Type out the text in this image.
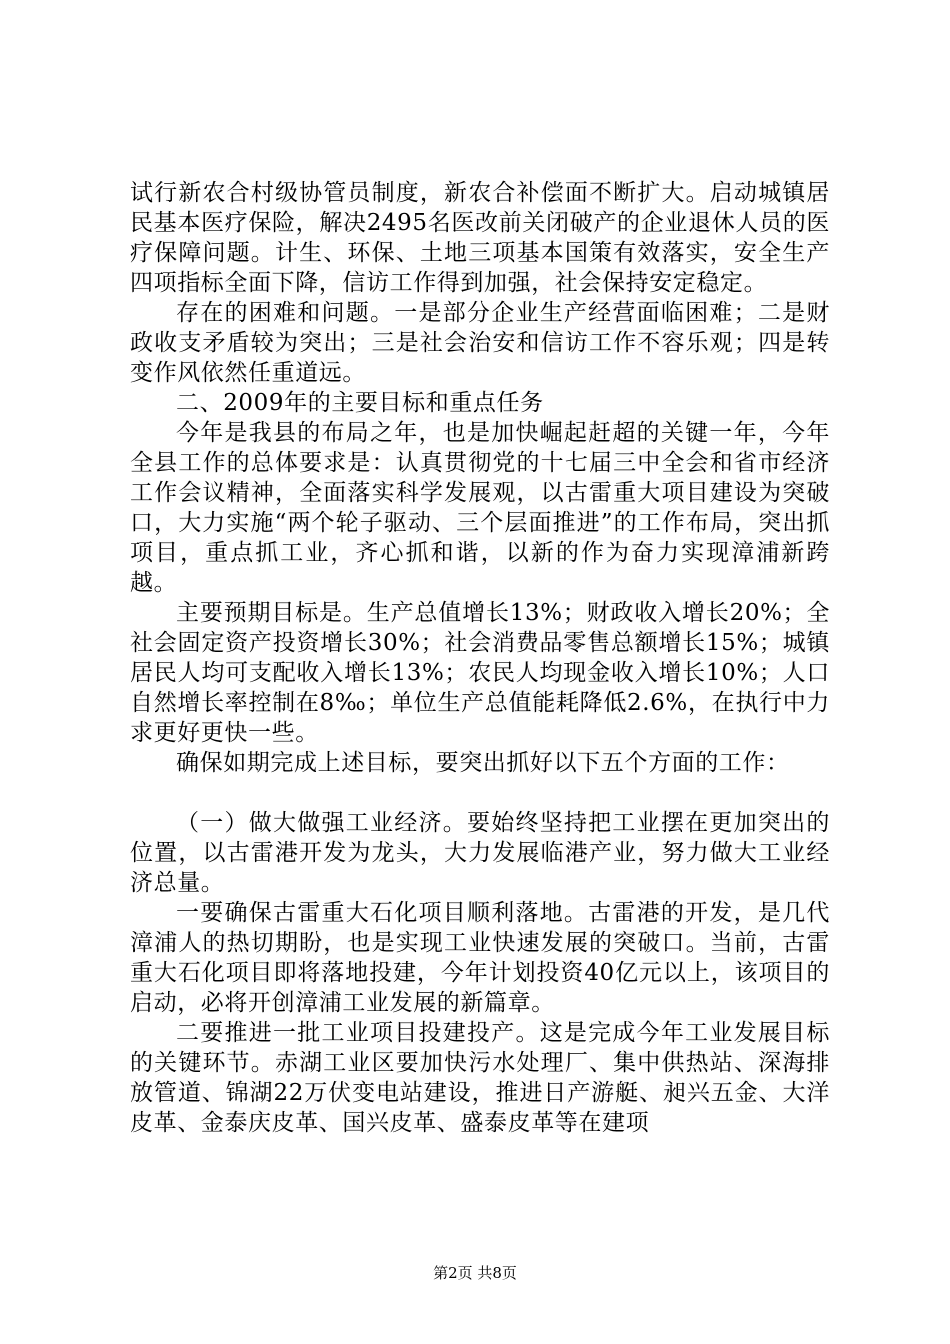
试行新农合村级协管员制度，新农合补偿面不断扩大。启动城镇居民基本医疗保险，解决2495名医改前关闭破产的企业退休人员的医疗保障问题。计生、环保、土地三项基本国策有效落实，安全生产四项指标全面下降，信访工作得到加强，社会保持安定稳定。

存在的困难和问题。一是部分企业生产经营面临困难；二是财政收支矛盾较为突出；三是社会治安和信访工作不容乐观；四是转变作风依然任重道远。

二、2009年的主要目标和重点任务

今年是我县的布局之年，也是加快崛起赶超的关键一年，今年全县工作的总体要求是：认真贯彻党的十七届三中全会和省市经济工作会议精神，全面落实科学发展观，以古雷重大项目建设为突破口，大力实施“两个轮子驱动、三个层面推进”的工作布局，突出抓项目，重点抓工业，齐心抓和谐，以新的作为奋力实现漳浦新跨越。

主要预期目标是。生产总值增长13%；财政收入增长20%；全社会固定资产投资增长30%；社会消费品零售总额增长15%；城镇居民人均可支配收入增长13%；农民人均现金收入增长10%；人口自然增长率控制在8‰；单位生产总值能耗降低2.6%，在执行中力求更好更快一些。

确保如期完成上述目标，要突出抓好以下五个方面的工作：

（一）做大做强工业经济。要始终坚持把工业摆在更加突出的位置，以古雷港开发为龙头，大力发展临港产业，努力做大工业经济总量。

一要确保古雷重大石化项目顺利落地。古雷港的开发，是几代漳浦人的热切期盼，也是实现工业快速发展的突破口。当前，古雷重大石化项目即将落地投建，今年计划投资40亿元以上，该项目的启动，必将开创漳浦工业发展的新篇章。

二要推进一批工业项目投建投产。这是完成今年工业发展目标的关键环节。赤湖工业区要加快污水处理厂、集中供热站、深海排放管道、锦湖22万伏变电站建设，推进日产游艇、昶兴五金、大洋皮革、金泰庆皮革、国兴皮革、盛泰皮革等在建项

第2页 共8页
